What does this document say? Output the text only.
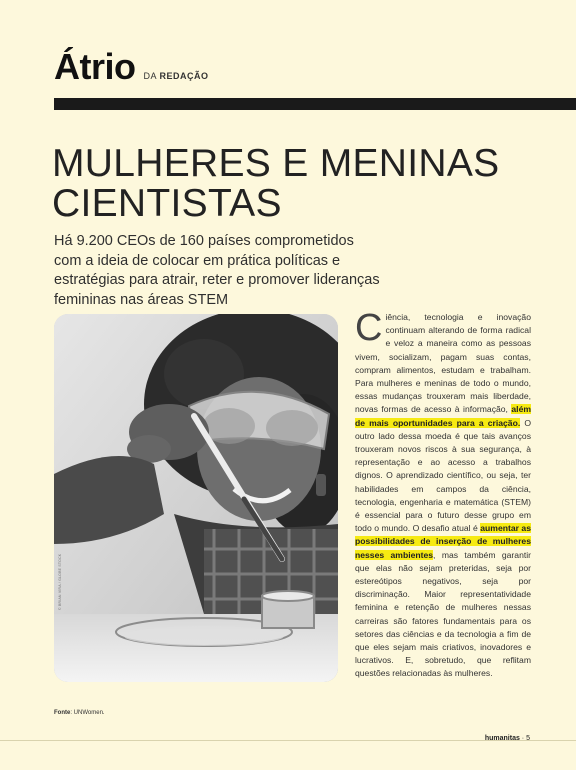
Átrio DA REDAÇÃO
MULHERES E MENINAS CIENTISTAS

Há 9.200 CEOs de 160 países comprometidos com a ideia de colocar em prática políticas e estratégias para atrair, reter e promover lideranças femininas nas áreas STEM

© BRIAN VIRA / GLOBE STOCK

Ciência, tecnologia e inovação continuam alterando de forma radical e veloz a maneira como as pessoas vivem, socializam, pagam suas contas, compram alimentos, estudam e trabalham. Para mulheres e meninas de todo o mundo, essas mudanças trouxeram mais liberdade, novas formas de acesso à informação, além de mais oportunidades para a criação. O outro lado dessa moeda é que tais avanços trouxeram novos riscos à sua segurança, à representação e ao acesso a trabalhos dignos. O aprendizado científico, ou seja, ter habilidades em campos da ciência, tecnologia, engenharia e matemática (STEM) é essencial para o futuro desse grupo em todo o mundo. O desafio atual é aumentar as possibilidades de inserção de mulheres nesses ambientes, mas também garantir que elas não sejam preteridas, seja por estereótipos negativos, seja por discriminação. Maior representatividade feminina e retenção de mulheres nessas carreiras são fatores fundamentais para os setores das ciências e da tecnologia a fim de que eles sejam mais criativos, inovadores e lucrativos. E, sobretudo, que reflitam questões relacionadas às mulheres.

Fonte: UNWomen.
humanitas · 5
